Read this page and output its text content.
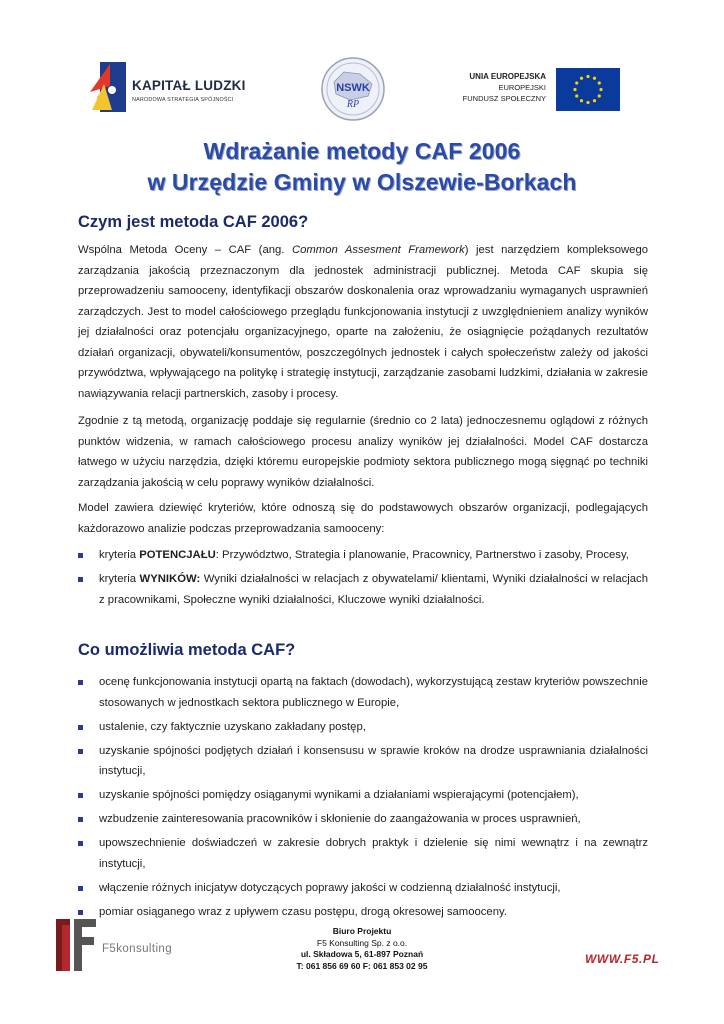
KAPITAŁ LUDZKI
NARODOWA STRATEGIA SPÓJNOŚCI
NSWK
RP
UNIA EUROPEJSKA
EUROPEJSKI
FUNDUSZ SPOŁECZNY
Wdrażanie metody CAF 2006
w Urzędzie Gminy w Olszewie-Borkach
Czym jest metoda CAF 2006?
Wspólna Metoda Oceny – CAF (ang. Common Assesment Framework) jest narzędziem kompleksowego zarządzania jakością przeznaczonym dla jednostek administracji publicznej. Metoda CAF skupia się przeprowadzeniu samooceny, identyfikacji obszarów doskonalenia oraz wprowadzaniu wymaganych usprawnień zarządczych. Jest to model całościowego przeglądu funkcjonowania instytucji z uwzględnieniem analizy wyników jej działalności oraz potencjału organizacyjnego, oparte na założeniu, że osiągnięcie pożądanych rezultatów działań organizacji, obywateli/konsumentów, poszczególnych jednostek i całych społeczeństw zależy od jakości przywództwa, wpływającego na politykę i strategię instytucji, zarządzanie zasobami ludzkimi, działania w zakresie nawiązywania relacji partnerskich, zasoby i procesy.
Zgodnie z tą metodą, organizację poddaje się regularnie (średnio co 2 lata) jednoczesnemu oglądowi z różnych punktów widzenia, w ramach całościowego procesu analizy wyników jej działalności. Model CAF dostarcza łatwego w użyciu narzędzia, dzięki któremu europejskie podmioty sektora publicznego mogą sięgnąć po techniki zarządzania jakością w celu poprawy wyników działalności.
Model zawiera dziewięć kryteriów, które odnoszą się do podstawowych obszarów organizacji, podlegających każdorazowo analizie podczas przeprowadzania samooceny:
kryteria POTENCJAŁU: Przywództwo, Strategia i planowanie, Pracownicy, Partnerstwo i zasoby, Procesy,
kryteria WYNIKÓW: Wyniki działalności w relacjach z obywatelami/ klientami, Wyniki działalności w relacjach z pracownikami, Społeczne wyniki działalności, Kluczowe wyniki działalności.
Co umożliwia metoda CAF?
ocenę funkcjonowania instytucji opartą na faktach (dowodach), wykorzystującą zestaw kryteriów powszechnie stosowanych w jednostkach sektora publicznego w Europie,
ustalenie, czy faktycznie uzyskano zakładany postęp,
uzyskanie spójności podjętych działań i konsensusu w sprawie kroków na drodze usprawniania działalności instytucji,
uzyskanie spójności pomiędzy osiąganymi wynikami a działaniami wspierającymi (potencjałem),
wzbudzenie zainteresowania pracowników i skłonienie do zaangażowania w proces usprawnień,
upowszechnienie doświadczeń w zakresie dobrych praktyk i dzielenie się nimi wewnątrz i na zewnątrz instytucji,
włączenie różnych inicjatyw dotyczących poprawy jakości w codzienną działalność instytucji,
pomiar osiąganego wraz z upływem czasu postępu, drogą okresowej samooceny.
F5konsulting
Biuro Projektu
F5 Konsulting Sp. z o.o.
ul. Składowa 5, 61-897 Poznań
T: 061 856 69 60 F: 061 853 02 95	WWW.F5.PL
